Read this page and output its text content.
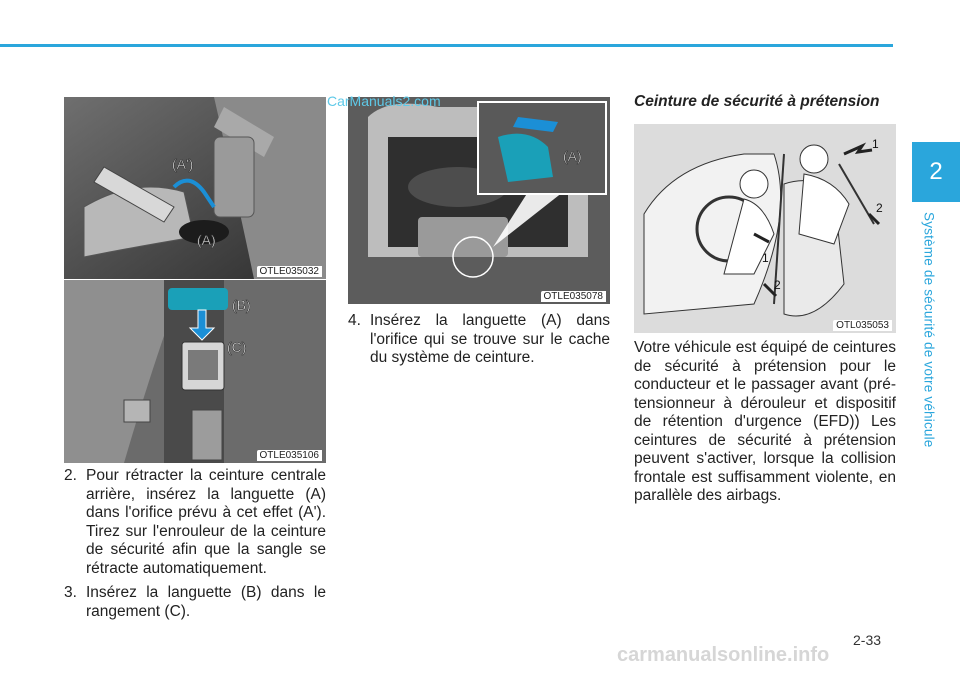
2
Système de sécurité de votre véhicule
(A')
(A)
OTLE035032
(B)
(C)
OTLE035106
(A)
OTLE035078
1
2
1
2
OTL035053
2. Pour rétracter la ceinture centrale arrière, insérez la languette (A) dans l'orifice prévu à cet effet (A'). Tirez sur l'enrouleur de la ceinture de sécurité afin que la sangle se rétracte automatiquement.
3. Insérez la languette (B) dans le rangement (C).
4. Insérez la languette (A) dans l'orifice qui se trouve sur le cache du système de ceinture.
Ceinture de sécurité à prétension

Votre véhicule est équipé de ceintures de sécurité à prétension pour le conducteur et le passager avant (pré-tensionneur à dérouleur et dispositif de rétention d'urgence (EFD)) Les ceintures de sécurité à prétension peuvent s'activer, lorsque la collision frontale est suffisamment violente, en parallèle des airbags.

CarManuals2.com
2-33
carmanualsonline.info
